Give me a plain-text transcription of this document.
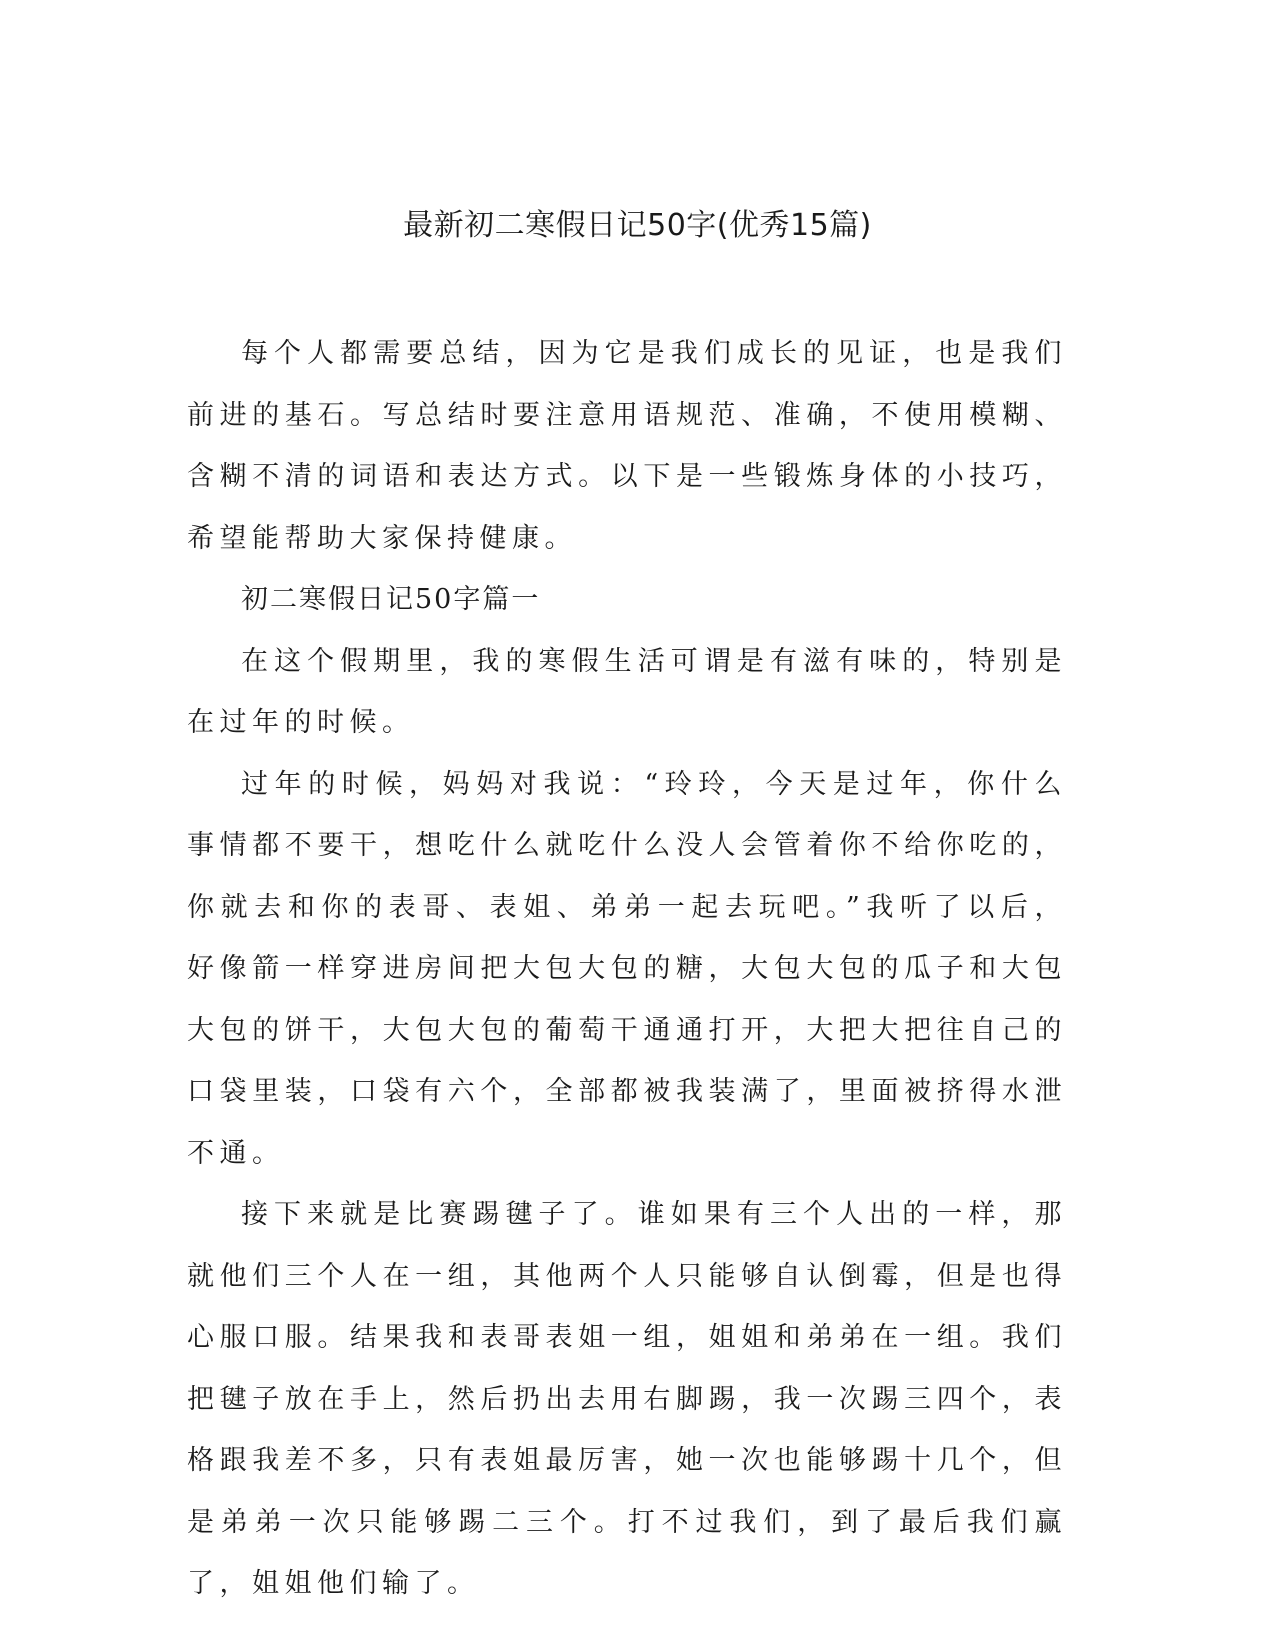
最新初二寒假日记50字(优秀15篇)

每个人都需要总结，因为它是我们成长的见证，也是我们前进的基石。写总结时要注意用语规范、准确，不使用模糊、含糊不清的词语和表达方式。以下是一些锻炼身体的小技巧，希望能帮助大家保持健康。

初二寒假日记50字篇一

在这个假期里，我的寒假生活可谓是有滋有味的，特别是在过年的时候。

过年的时候，妈妈对我说：“玲玲，今天是过年，你什么事情都不要干，想吃什么就吃什么没人会管着你不给你吃的，你就去和你的表哥、表姐、弟弟一起去玩吧。”我听了以后，好像箭一样穿进房间把大包大包的糖，大包大包的瓜子和大包大包的饼干，大包大包的葡萄干通通打开，大把大把往自己的口袋里装，口袋有六个，全部都被我装满了，里面被挤得水泄不通。

接下来就是比赛踢毽子了。谁如果有三个人出的一样，那就他们三个人在一组，其他两个人只能够自认倒霉，但是也得心服口服。结果我和表哥表姐一组，姐姐和弟弟在一组。我们把毽子放在手上，然后扔出去用右脚踢，我一次踢三四个，表格跟我差不多，只有表姐最厉害，她一次也能够踢十几个，但是弟弟一次只能够踢二三个。打不过我们，到了最后我们赢了，姐姐他们输了。
